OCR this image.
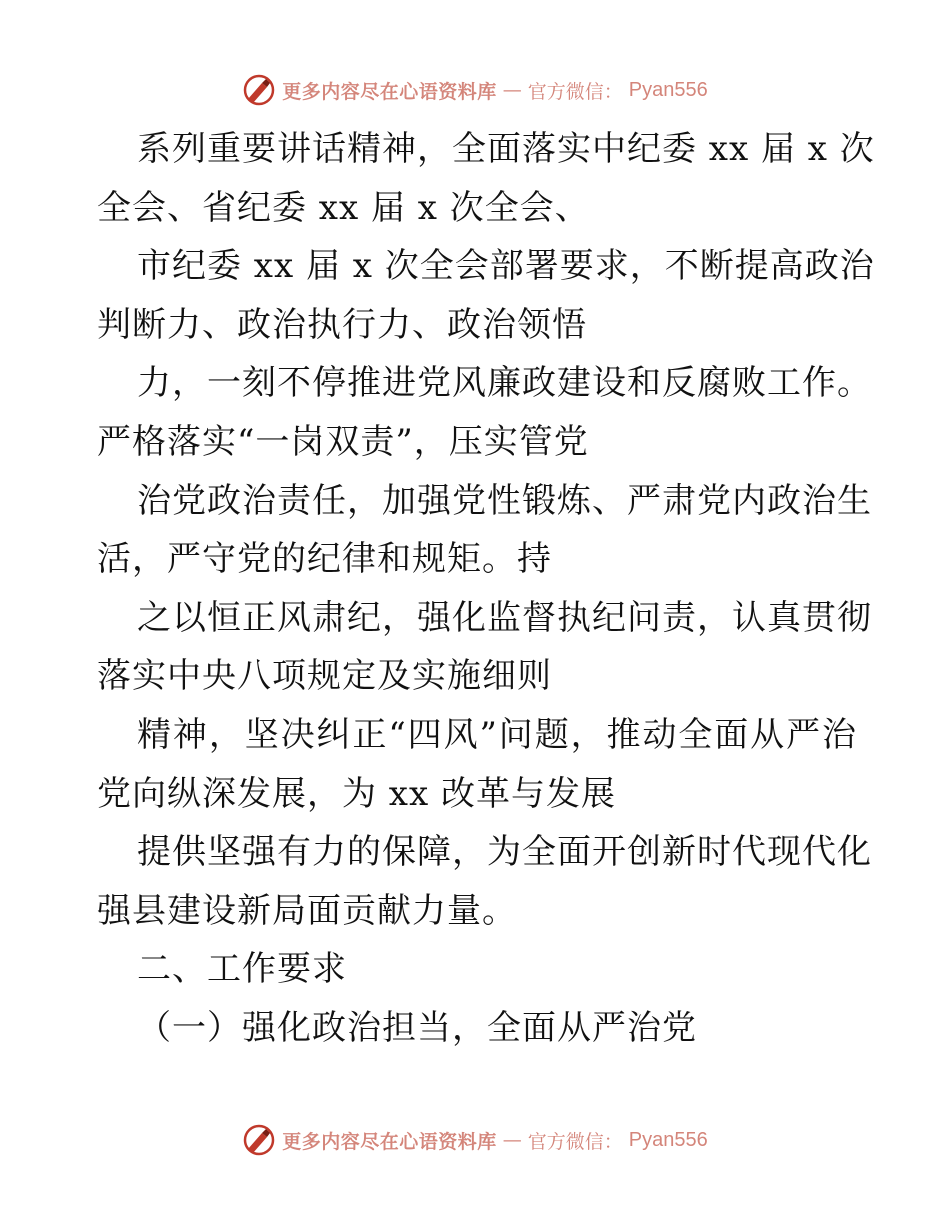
更多内容尽在心语资料库 — 官方微信： Pyan556
系列重要讲话精神，全面落实中纪委 xx 届 x 次
全会、省纪委 xx 届 x 次全会、
市纪委 xx 届 x 次全会部署要求，不断提高政治
判断力、政治执行力、政治领悟
力，一刻不停推进党风廉政建设和反腐败工作。
严格落实“一岗双责”，压实管党
治党政治责任，加强党性锻炼、严肃党内政治生
活，严守党的纪律和规矩。持
之以恒正风肃纪，强化监督执纪问责，认真贯彻
落实中央八项规定及实施细则
精神，坚决纠正“四风”问题，推动全面从严治
党向纵深发展，为 xx 改革与发展
提供坚强有力的保障，为全面开创新时代现代化
强县建设新局面贡献力量。
二、工作要求
（一）强化政治担当，全面从严治党
更多内容尽在心语资料库 — 官方微信： Pyan556
